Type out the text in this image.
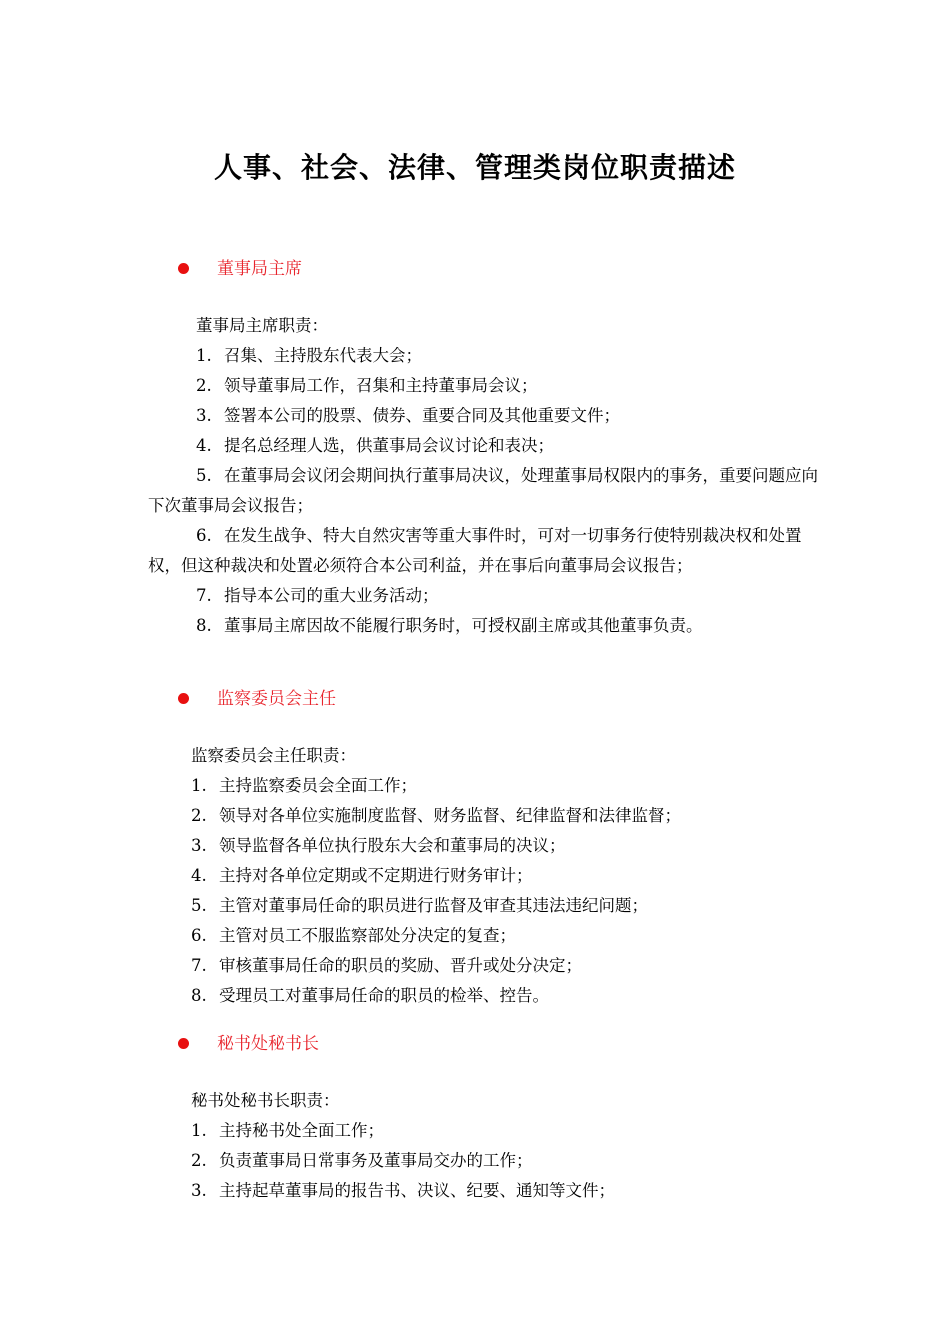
人事、社会、法律、管理类岗位职责描述
董事局主席
董事局主席职责：
1. 召集、主持股东代表大会；
2. 领导董事局工作，召集和主持董事局会议；
3. 签署本公司的股票、债券、重要合同及其他重要文件；
4. 提名总经理人选，供董事局会议讨论和表决；
5. 在董事局会议闭会期间执行董事局决议，处理董事局权限内的事务，重要问题应向下次董事局会议报告；
6. 在发生战争、特大自然灾害等重大事件时，可对一切事务行使特别裁决权和处置权，但这种裁决和处置必须符合本公司利益，并在事后向董事局会议报告；
7. 指导本公司的重大业务活动；
8. 董事局主席因故不能履行职务时，可授权副主席或其他董事负责。
监察委员会主任
监察委员会主任职责：
1. 主持监察委员会全面工作；
2. 领导对各单位实施制度监督、财务监督、纪律监督和法律监督；
3. 领导监督各单位执行股东大会和董事局的决议；
4. 主持对各单位定期或不定期进行财务审计；
5. 主管对董事局任命的职员进行监督及审查其违法违纪问题；
6. 主管对员工不服监察部处分决定的复查；
7. 审核董事局任命的职员的奖励、晋升或处分决定；
8. 受理员工对董事局任命的职员的检举、控告。
秘书处秘书长
秘书处秘书长职责：
1. 主持秘书处全面工作；
2. 负责董事局日常事务及董事局交办的工作；
3. 主持起草董事局的报告书、决议、纪要、通知等文件；
